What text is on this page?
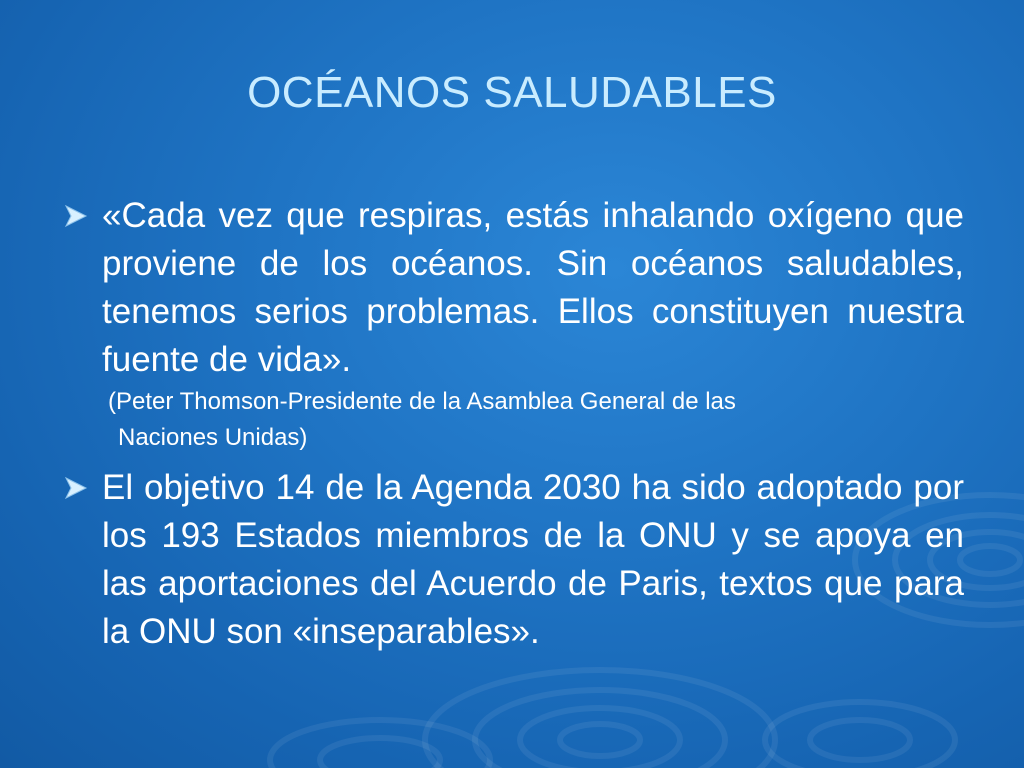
OCÉANOS SALUDABLES

«Cada vez que respiras, estás inhalando oxígeno que proviene de los océanos. Sin océanos saludables, tenemos serios problemas. Ellos constituyen nuestra fuente de vida».

(Peter Thomson-Presidente de la Asamblea General de las
Naciones Unidas)

El objetivo 14 de la Agenda 2030 ha sido adoptado por los 193 Estados miembros de la ONU y se apoya en las aportaciones del Acuerdo de Paris, textos que para la ONU son «inseparables».
